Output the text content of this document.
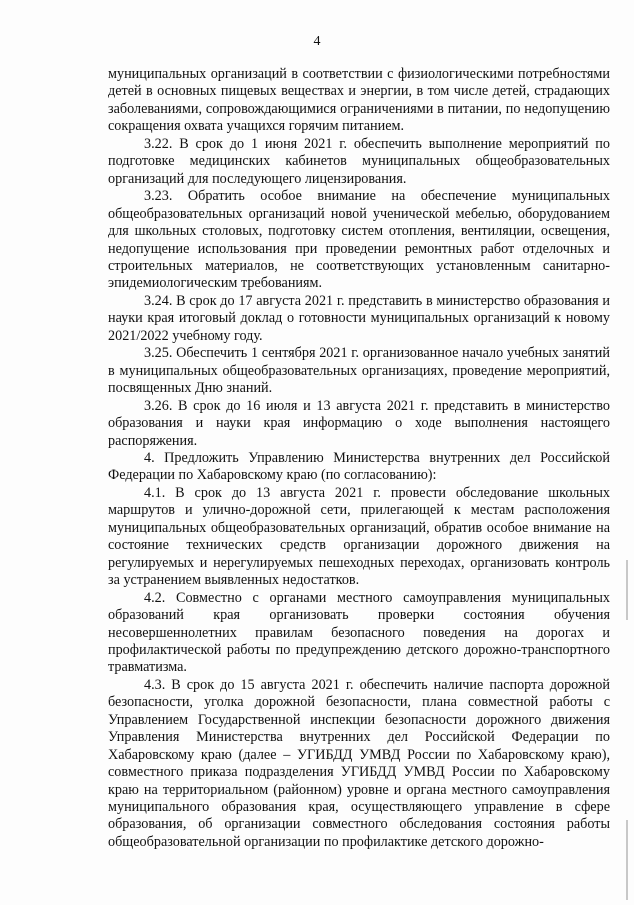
4

муниципальных организаций в соответствии с физиологическими потребностями детей в основных пищевых веществах и энергии, в том числе детей, страдающих заболеваниями, сопровождающимися ограничениями в питании, по недопущению сокращения охвата учащихся горячим питанием.

3.22. В срок до 1 июня 2021 г. обеспечить выполнение мероприятий по подготовке медицинских кабинетов муниципальных общеобразовательных организаций для последующего лицензирования.

3.23. Обратить особое внимание на обеспечение муниципальных общеобразовательных организаций новой ученической мебелью, оборудованием для школьных столовых, подготовку систем отопления, вентиляции, освещения, недопущение использования при проведении ремонтных работ отделочных и строительных материалов, не соответствующих установленным санитарно-эпидемиологическим требованиям.

3.24. В срок до 17 августа 2021 г. представить в министерство образования и науки края итоговый доклад о готовности муниципальных организаций к новому 2021/2022 учебному году.

3.25. Обеспечить 1 сентября 2021 г. организованное начало учебных занятий в муниципальных общеобразовательных организациях, проведение мероприятий, посвященных Дню знаний.

3.26. В срок до 16 июля и 13 августа 2021 г. представить в министерство образования и науки края информацию о ходе выполнения настоящего распоряжения.

4. Предложить Управлению Министерства внутренних дел Российской Федерации по Хабаровскому краю (по согласованию):

4.1. В срок до 13 августа 2021 г. провести обследование школьных маршрутов и улично-дорожной сети, прилегающей к местам расположения муниципальных общеобразовательных организаций, обратив особое внимание на состояние технических средств организации дорожного движения на регулируемых и нерегулируемых пешеходных переходах, организовать контроль за устранением выявленных недостатков.

4.2. Совместно с органами местного самоуправления муниципальных образований края организовать проверки состояния обучения несовершеннолетних правилам безопасного поведения на дорогах и профилактической работы по предупреждению детского дорожно-транспортного травматизма.

4.3. В срок до 15 августа 2021 г. обеспечить наличие паспорта дорожной безопасности, уголка дорожной безопасности, плана совместной работы с Управлением Государственной инспекции безопасности дорожного движения Управления Министерства внутренних дел Российской Федерации по Хабаровскому краю (далее – УГИБДД УМВД России по Хабаровскому краю), совместного приказа подразделения УГИБДД УМВД России по Хабаровскому краю на территориальном (районном) уровне и органа местного самоуправления муниципального образования края, осуществляющего управление в сфере образования, об организации совместного обследования состояния работы общеобразовательной организации по профилактике детского дорожно-
